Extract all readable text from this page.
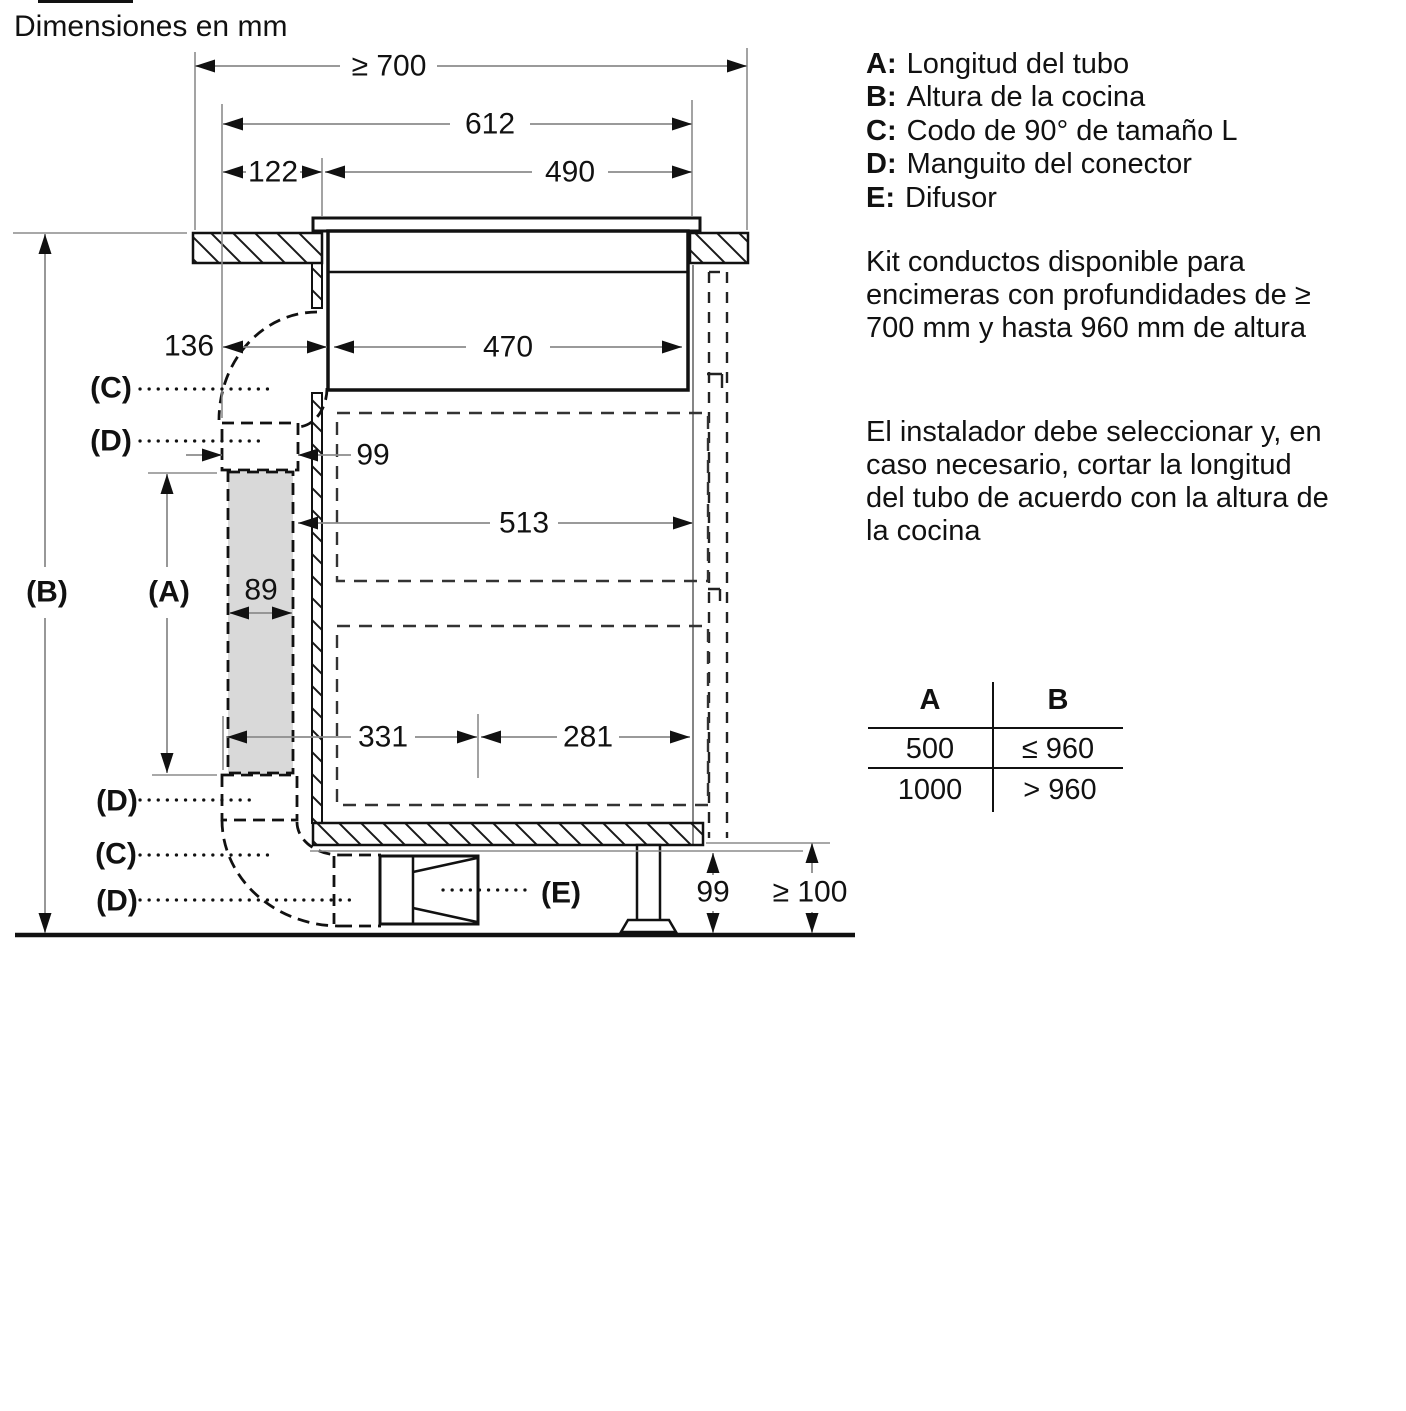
Dimensiones en mm
≥ 700
612
122	490
136	470
99
513
89
331	281
99 ≥ 100
(C)
(D)
(B)	(A)
(D)
(C)
(D)	(E)
A: Longitud del tubo
B: Altura de la cocina
C: Codo de 90° de tamaño L
D: Manguito del conector
E: Difusor
Kit conductos disponible para
encimeras con profundidades de ≥
700 mm y hasta 960 mm de altura
El instalador debe seleccionar y, en
caso necesario, cortar la longitud
del tubo de acuerdo con la altura de
la cocina
A	B
500 ≤ 960
1000 > 960
